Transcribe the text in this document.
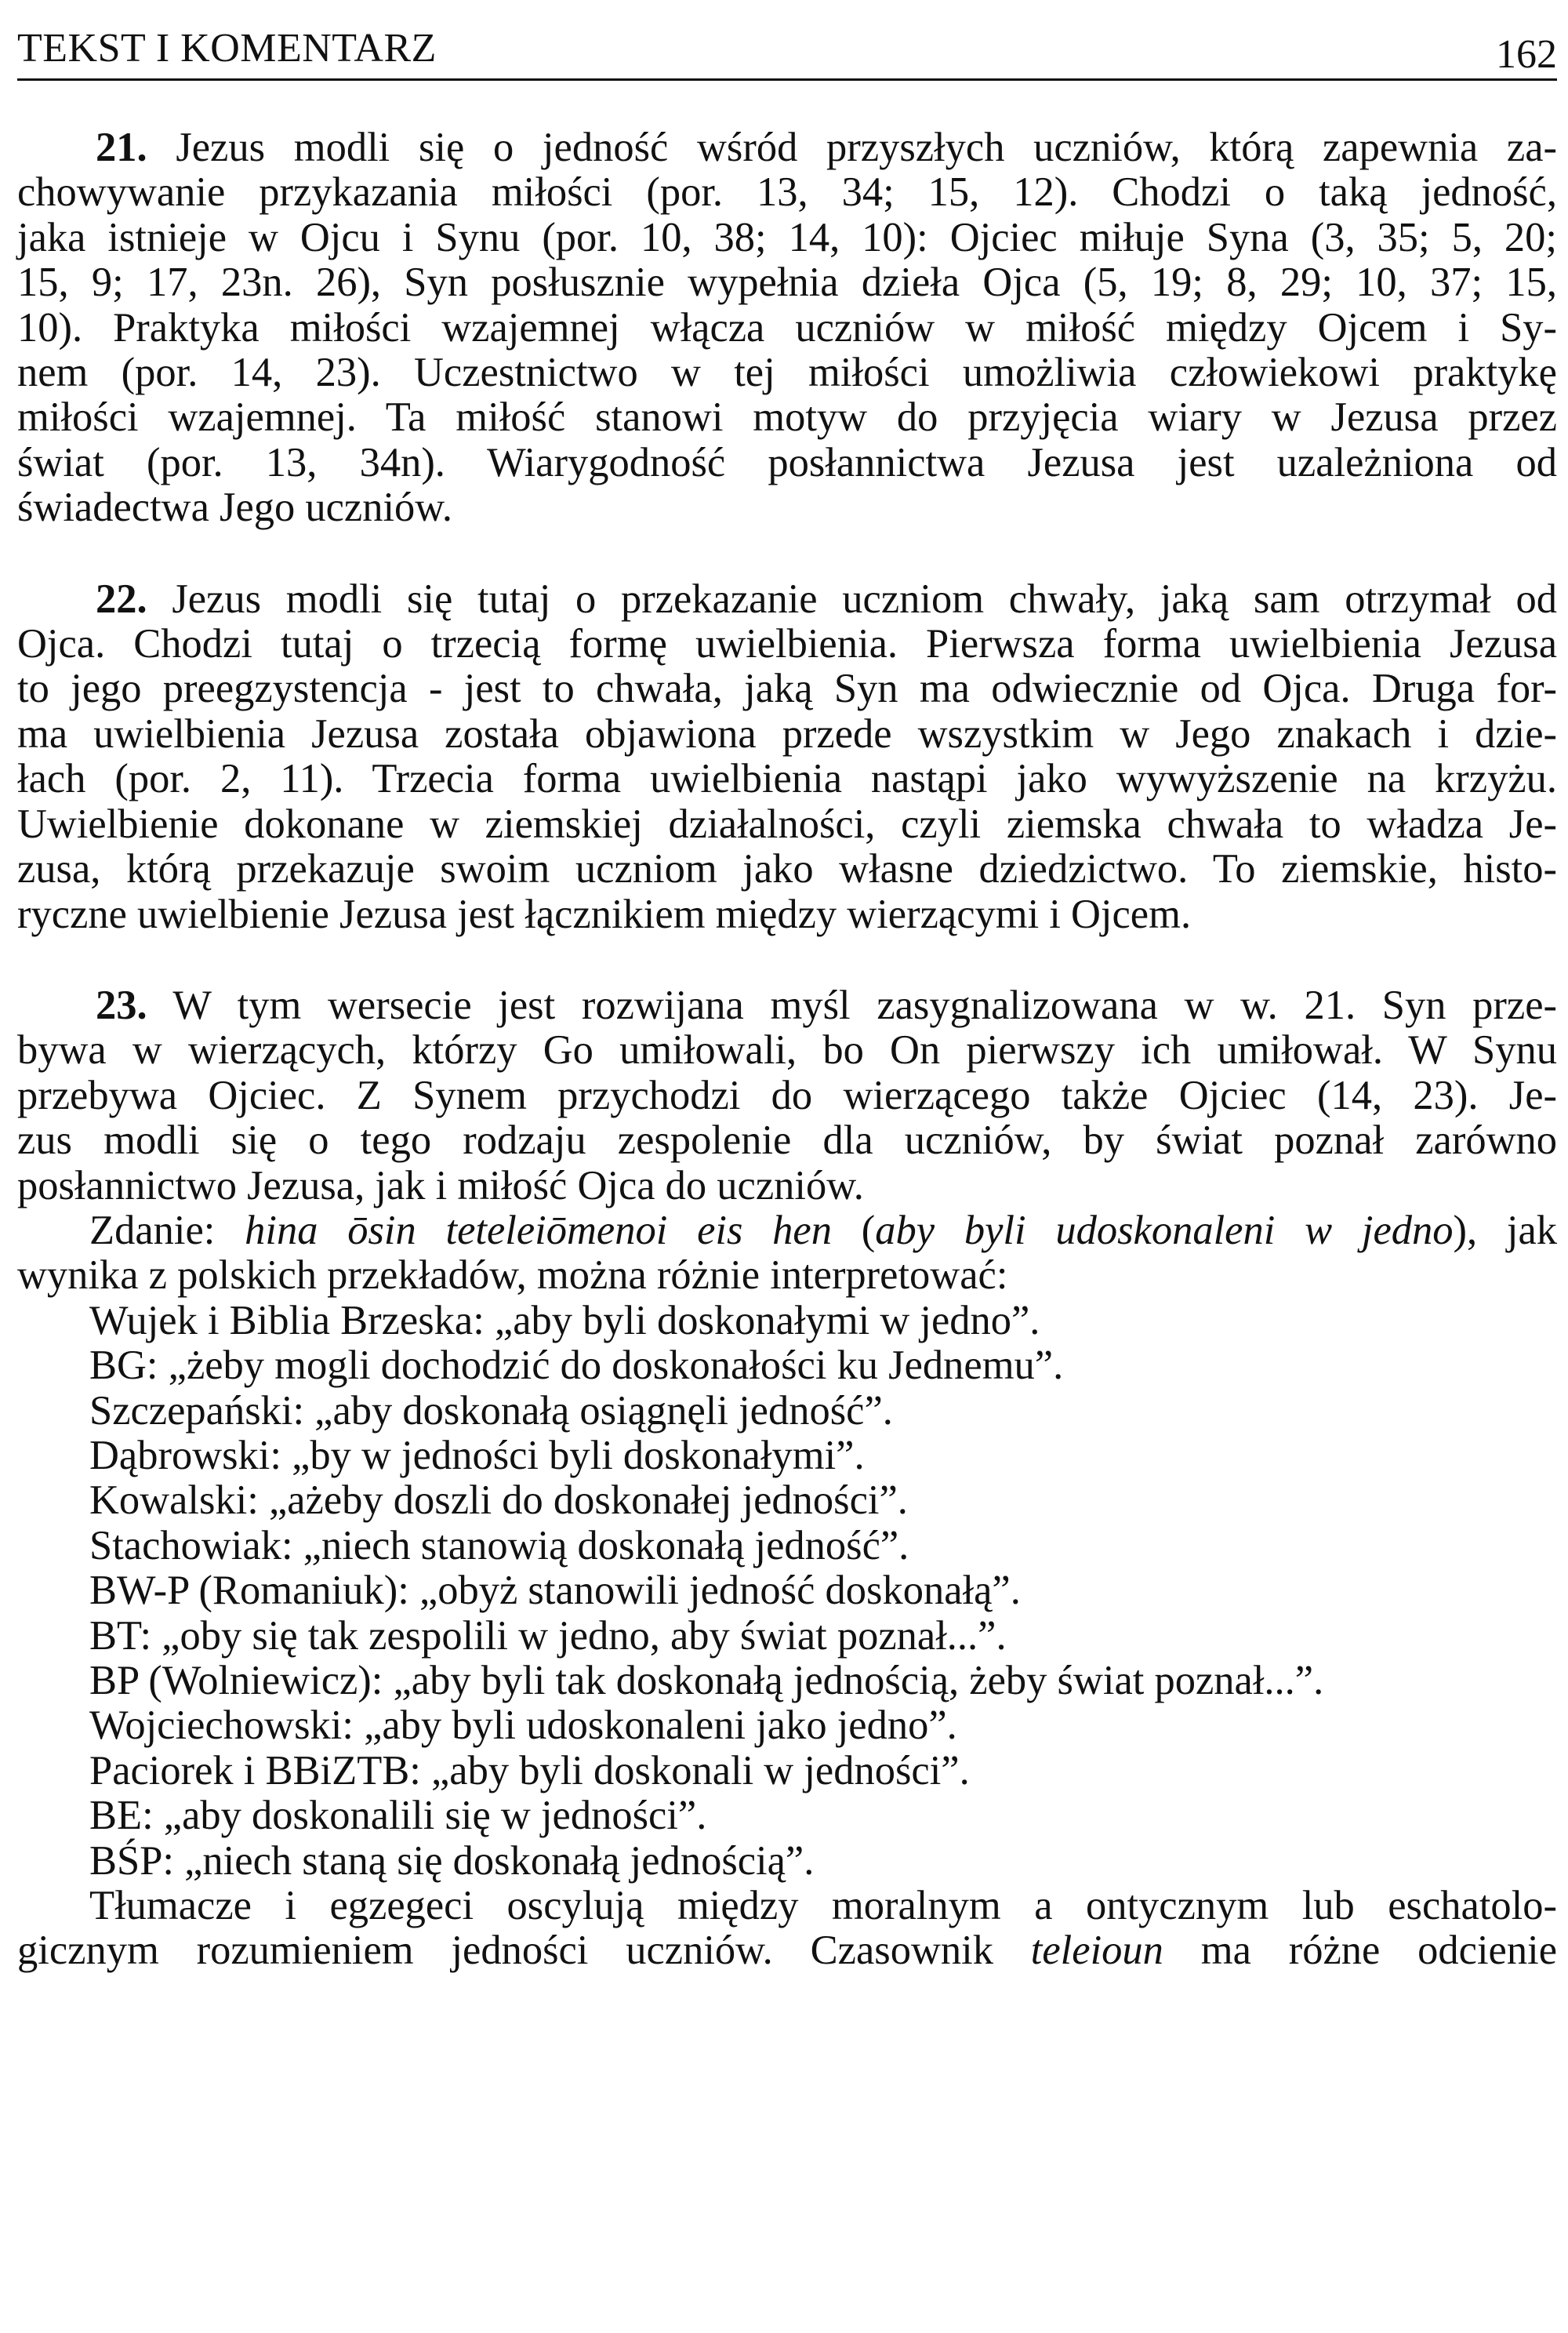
TEKST I KOMENTARZ	162
21. Jezus modli się o jedność wśród przyszłych uczniów, którą zapewnia za-
chowywanie przykazania miłości (por. 13, 34; 15, 12). Chodzi o taką jedność,
jaka istnieje w Ojcu i Synu (por. 10, 38; 14, 10): Ojciec miłuje Syna (3, 35; 5, 20;
15, 9; 17, 23n. 26), Syn posłusznie wypełnia dzieła Ojca (5, 19; 8, 29; 10, 37; 15,
10). Praktyka miłości wzajemnej włącza uczniów w miłość między Ojcem i Sy-
nem (por. 14, 23). Uczestnictwo w tej miłości umożliwia człowiekowi praktykę
miłości wzajemnej. Ta miłość stanowi motyw do przyjęcia wiary w Jezusa przez
świat (por. 13, 34n). Wiarygodność posłannictwa Jezusa jest uzależniona od
świadectwa Jego uczniów.
22. Jezus modli się tutaj o przekazanie uczniom chwały, jaką sam otrzymał od
Ojca. Chodzi tutaj o trzecią formę uwielbienia. Pierwsza forma uwielbienia Jezusa
to jego preegzystencja - jest to chwała, jaką Syn ma odwiecznie od Ojca. Druga for-
ma uwielbienia Jezusa została objawiona przede wszystkim w Jego znakach i dzie-
łach (por. 2, 11). Trzecia forma uwielbienia nastąpi jako wywyższenie na krzyżu.
Uwielbienie dokonane w ziemskiej działalności, czyli ziemska chwała to władza Je-
zusa, którą przekazuje swoim uczniom jako własne dziedzictwo. To ziemskie, histo-
ryczne uwielbienie Jezusa jest łącznikiem między wierzącymi i Ojcem.
23. W tym wersecie jest rozwijana myśl zasygnalizowana w w. 21. Syn prze-
bywa w wierzących, którzy Go umiłowali, bo On pierwszy ich umiłował. W Synu
przebywa Ojciec. Z Synem przychodzi do wierzącego także Ojciec (14, 23). Je-
zus modli się o tego rodzaju zespolenie dla uczniów, by świat poznał zarówno
posłannictwo Jezusa, jak i miłość Ojca do uczniów.
Zdanie: hina ōsin teteleiōmenoi eis hen (aby byli udoskonaleni w jedno), jak
wynika z polskich przekładów, można różnie interpretować:
Wujek i Biblia Brzeska: „aby byli doskonałymi w jedno”.
BG: „żeby mogli dochodzić do doskonałości ku Jednemu”.
Szczepański: „aby doskonałą osiągnęli jedność”.
Dąbrowski: „by w jedności byli doskonałymi”.
Kowalski: „ażeby doszli do doskonałej jedności”.
Stachowiak: „niech stanowią doskonałą jedność”.
BW-P (Romaniuk): „obyż stanowili jedność doskonałą”.
BT: „oby się tak zespolili w jedno, aby świat poznał...”.
BP (Wolniewicz): „aby byli tak doskonałą jednością, żeby świat poznał...”.
Wojciechowski: „aby byli udoskonaleni jako jedno”.
Paciorek i BBiZTB: „aby byli doskonali w jedności”.
BE: „aby doskonalili się w jedności”.
BŚP: „niech staną się doskonałą jednością”.
Tłumacze i egzegeci oscylują między moralnym a ontycznym lub eschatolo-
gicznym rozumieniem jedności uczniów. Czasownik teleioun ma różne odcienie
